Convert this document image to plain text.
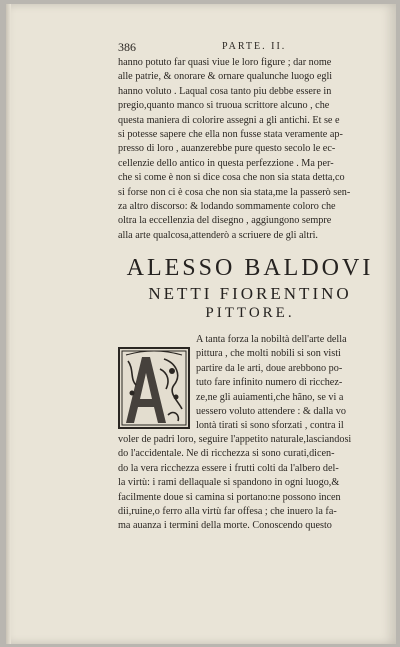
386	PARTE. II.
hanno potuto far quasi viue le loro figure ; dar nome
alle patrie, & onorare & ornare qualunche luogo egli
hanno voluto . Laqual cosa tanto piu debbe essere in
pregio,quanto manco si truoua scrittore alcuno , che
questa maniera di colorire assegni a gli antichi. Et se e
si potesse sapere che ella non fusse stata veramente ap-
presso di loro , auanzerebbe pure questo secolo le ec-
cellenzie dello antico in questa perfezzione . Ma per-
che si come è non si dice cosa che non sia stata detta,co
si forse non ci è cosa che non sia stata,me la passerò sen-
za altro discorso: & lodando sommamente coloro che
oltra la eccellenzia del disegno , aggiungono sempre
alla arte qualcosa,attenderò a scriuere de gli altri.
ALESSO BALDOVI
NETTI FIORENTINO
PITTORE.
A tanta forza la nobiltà dell'arte della
pittura , che molti nobili si son visti
partire da le arti, doue arebbono po-
tuto fare infinito numero di ricchez-
ze,ne gli auiamenti,che hãno, se vi a
uessero voluto attendere : & dalla vo
lontà tirati si sono sforzati , contra il
voler de padri loro, seguire l'appetito naturale,lasciandosi
do l'accidentale. Ne di ricchezza si sono curati,dicen-
do la vera ricchezza essere i frutti colti da l'albero del-
la virtù: i rami dellaquale si spandono in ogni luogo,&
facilmente doue si camina si portano:ne possono incen
dii,ruine,o ferro alla virtù far offesa ; che inuero la fa-
ma auanza i termini della morte. Conoscendo questo
